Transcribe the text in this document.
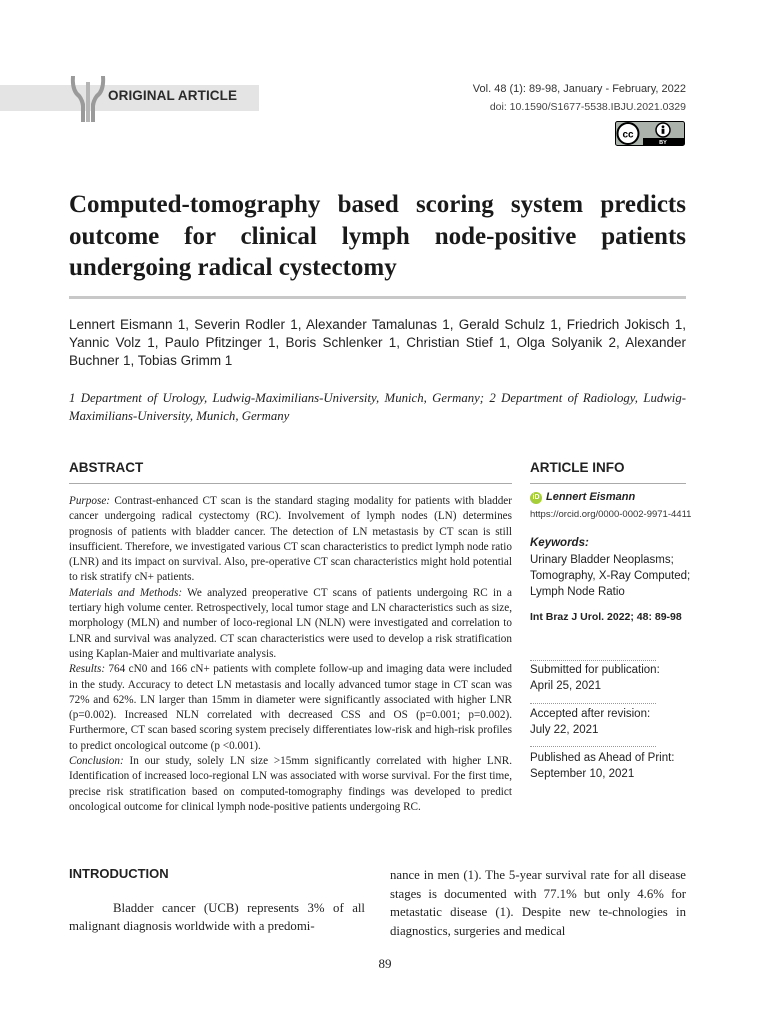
ORIGINAL ARTICLE	Vol. 48 (1): 89-98, January - February, 2022
doi: 10.1590/S1677-5538.IBJU.2021.0329
cc
BY
Computed-tomography based scoring system predicts outcome for clinical lymph node-positive patients undergoing radical cystectomy
Lennert Eismann 1, Severin Rodler 1, Alexander Tamalunas 1, Gerald Schulz 1, Friedrich Jokisch 1, Yannic Volz 1, Paulo Pfitzinger 1, Boris Schlenker 1, Christian Stief 1, Olga Solyanik 2, Alexander Buchner 1, Tobias Grimm 1
1 Department of Urology, Ludwig-Maximilians-University, Munich, Germany; 2 Department of Radiology, Ludwig-Maximilians-University, Munich, Germany
ABSTRACT

Purpose: Contrast-enhanced CT scan is the standard staging modality for patients with bladder cancer undergoing radical cystectomy (RC). Involvement of lymph nodes (LN) determines prognosis of patients with bladder cancer. The detection of LN metastasis by CT scan is still insufficient. Therefore, we investigated various CT scan characteristics to predict lymph node ratio (LNR) and its impact on survival. Also, pre-operative CT scan characteristics might hold potential to risk stratify cN+ patients.

Materials and Methods: We analyzed preoperative CT scans of patients undergoing RC in a tertiary high volume center. Retrospectively, local tumor stage and LN characteristics such as size, morphology (MLN) and number of loco-regional LN (NLN) were investigated and correlation to LNR and survival was analyzed. CT scan characteristics were used to develop a risk stratification using Kaplan-Maier and multivariate analysis.

Results: 764 cN0 and 166 cN+ patients with complete follow-up and imaging data were included in the study. Accuracy to detect LN metastasis and locally advanced tumor stage in CT scan was 72% and 62%. LN larger than 15mm in diameter were significantly associated with higher LNR (p=0.002). Increased NLN correlated with decreased CSS and OS (p=0.001; p=0.002). Furthermore, CT scan based scoring system precisely differentiates low-risk and high-risk profiles to predict oncological outcome (p <0.001).

Conclusion: In our study, solely LN size >15mm significantly correlated with higher LNR. Identification of increased loco-regional LN was associated with worse survival. For the first time, precise risk stratification based on computed-tomography findings was developed to predict oncological outcome for clinical lymph node-positive patients undergoing RC.

ARTICLE INFO
iD Lennert Eismann
https://orcid.org/0000-0002-9971-4411
Keywords:
Urinary Bladder Neoplasms;
Tomography, X-Ray Computed;
Lymph Node Ratio
Int Braz J Urol. 2022; 48: 89-98
Submitted for publication:
April 25, 2021
Accepted after revision:
July 22, 2021
Published as Ahead of Print:
September 10, 2021
INTRODUCTION
Bladder cancer (UCB) represents 3% of all malignant diagnosis worldwide with a predomi-
nance in men (1). The 5-year survival rate for all disease stages is documented with 77.1% but only 4.6% for metastatic disease (1). Despite new te-chnologies in diagnostics, surgeries and medical
89
